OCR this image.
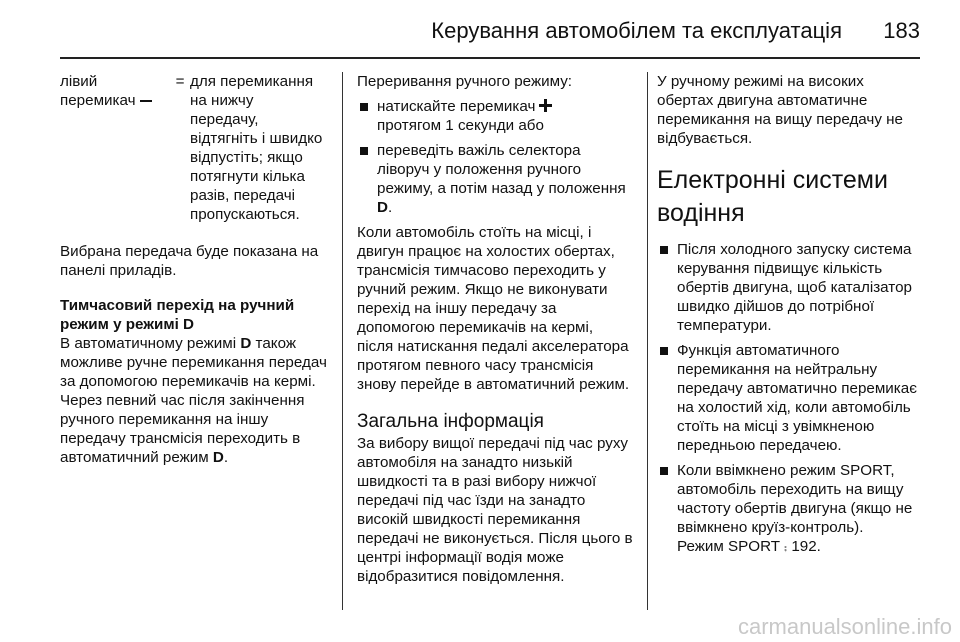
Керування автомобілем та експлуатація 183
лівий
перемикач
= для перемикання на нижчу передачу, відтягніть і швидко відпустіть; якщо потягнути кілька разів, передачі пропускаються.

Вибрана передача буде показана на панелі приладів.

Тимчасовий перехід на ручний режим у режимі D

В автоматичному режимі D також можливе ручне перемикання передач за допомогою перемикачів на кермі. Через певний час після закінчення ручного перемикання на іншу передачу трансмісія переходить в автоматичний режим D.

Переривання ручного режиму:
натискайте перемикач
протягом 1 секунди або
переведіть важіль селектора ліворуч у положення ручного режиму, а потім назад у положення D.

Коли автомобіль стоїть на місці, і двигун працює на холостих обертах, трансмісія тимчасово переходить у ручний режим. Якщо не виконувати перехід на іншу передачу за допомогою перемикачів на кермі, після натискання педалі акселератора протягом певного часу трансмісія знову перейде в автоматичний режим.

Загальна інформація
За вибору вищої передачі під час руху автомобіля на занадто низькій швидкості та в разі вибору нижчої передачі під час їзди на занадто високій швидкості перемикання передачі не виконується. Після цього в центрі інформації водія може відобразитися повідомлення.

У ручному режимі на високих обертах двигуна автоматичне перемикання на вищу передачу не відбувається.

Електронні системи водіння
Після холодного запуску система керування підвищує кількість обертів двигуна, щоб каталізатор швидко дійшов до потрібної температури.
Функція автоматичного перемикання на нейтральну передачу автоматично перемикає на холостий хід, коли автомобіль стоїть на місці з увімкненою передньою передачею.
Коли ввімкнено режим SPORT, автомобіль переходить на вищу частоту обертів двигуна (якщо не ввімкнено круїз-контроль).
Режим SPORT ⨾ 192.
carmanualsonline.info
